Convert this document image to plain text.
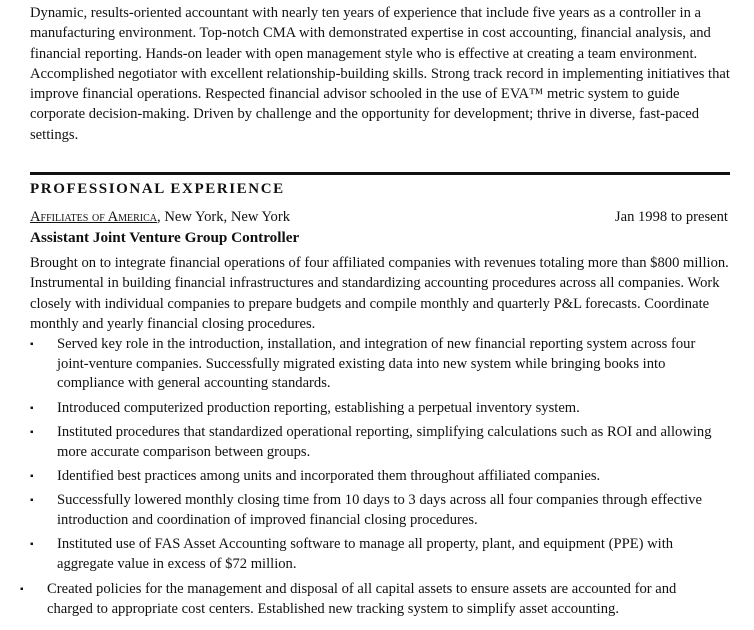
Dynamic, results-oriented accountant with nearly ten years of experience that include five years as a controller in a manufacturing environment. Top-notch CMA with demonstrated expertise in cost accounting, financial analysis, and financial reporting. Hands-on leader with open management style who is effective at creating a team environment. Accomplished negotiator with excellent relationship-building skills. Strong track record in implementing initiatives that improve financial operations. Respected financial advisor schooled in the use of EVA™ metric system to guide corporate decision-making. Driven by challenge and the opportunity for development; thrive in diverse, fast-paced settings.

PROFESSIONAL EXPERIENCE
Affiliates of America, New York, New York	Jan 1998 to present
Assistant Joint Venture Group Controller

Brought on to integrate financial operations of four affiliated companies with revenues totaling more than $800 million. Instrumental in building financial infrastructures and standardizing accounting procedures across all companies. Work closely with individual companies to prepare budgets and compile monthly and quarterly P&L forecasts. Coordinate monthly and yearly financial closing procedures.

▪ Served key role in the introduction, installation, and integration of new financial reporting system across four joint-venture companies. Successfully migrated existing data into new system while bringing books into compliance with general accounting standards.
▪ Introduced computerized production reporting, establishing a perpetual inventory system.
▪ Instituted procedures that standardized operational reporting, simplifying calculations such as ROI and allowing more accurate comparison between groups.
▪ Identified best practices among units and incorporated them throughout affiliated companies.
▪ Successfully lowered monthly closing time from 10 days to 3 days across all four companies through effective introduction and coordination of improved financial closing procedures.
▪ Instituted use of FAS Asset Accounting software to manage all property, plant, and equipment (PPE) with aggregate value in excess of $72 million.
▪ Created policies for the management and disposal of all capital assets to ensure assets are accounted for and charged to appropriate cost centers. Established new tracking system to simplify asset accounting.
